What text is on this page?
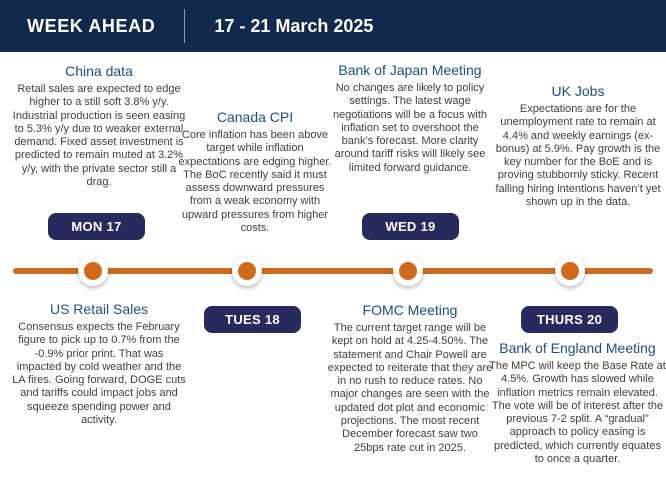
WEEK AHEAD	17 - 21 March 2025
China data
Retail sales are expected to edge higher to a still soft 3.8% y/y. Industrial production is seen easing to 5.3% y/y due to weaker external demand. Fixed asset investment is predicted to remain muted at 3.2% y/y, with the private sector still a drag.
Canada CPI
Core inflation has been above target while inflation expectations are edging higher. The BoC recently said it must assess downward pressures from a weak economy with upward pressures from higher costs.
Bank of Japan Meeting
No changes are likely to policy settings. The latest wage negotiations will be a focus with inflation set to overshoot the bank’s forecast. More clarity around tariff risks will likely see limited forward guidance.
UK Jobs
Expectations are for the unemployment rate to remain at 4.4% and weekly earnings (ex-bonus) at 5.9%. Pay growth is the key number for the BoE and is proving stubbornly sticky. Recent falling hiring intentions haven’t yet shown up in the data.
MON 17
TUES 18
WED 19
THURS 20
US Retail Sales
Consensus expects the February figure to pick up to 0.7% from the -0.9% prior print. That was impacted by cold weather and the LA fires. Going forward, DOGE cuts and tariffs could impact jobs and squeeze spending power and activity.
FOMC Meeting
The current target range will be kept on hold at 4.25-4.50%. The statement and Chair Powell are expected to reiterate that they are in no rush to reduce rates. No major changes are seen with the updated dot plot and economic projections. The most recent December forecast saw two 25bps rate cut in 2025.
Bank of England Meeting
The MPC will keep the Base Rate at 4.5%. Growth has slowed while inflation metrics remain elevated. The vote will be of interest after the previous 7-2 split. A “gradual” approach to policy easing is predicted, which currently equates to once a quarter.
